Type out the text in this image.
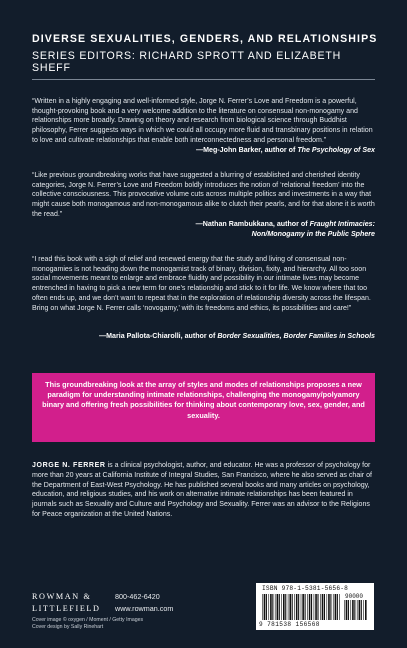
DIVERSE SEXUALITIES, GENDERS, AND RELATIONSHIPS

SERIES EDITORS: RICHARD SPROTT AND ELIZABETH SHEFF

“Written in a highly engaging and well-informed style, Jorge N. Ferrer’s Love and Freedom is a powerful, thought-provoking book and a very welcome addition to the literature on consensual non-monogamy and relationships more broadly. Drawing on theory and research from biological science through Buddhist philosophy, Ferrer suggests ways in which we could all occupy more fluid and transbinary positions in relation to love and cultivate relationships that enable both interconnectedness and personal freedom.”

—Meg-John Barker, author of The Psychology of Sex

“Like previous groundbreaking works that have suggested a blurring of established and cherished identity categories, Jorge N. Ferrer’s Love and Freedom boldly introduces the notion of ‘relational freedom’ into the collective consciousness. This provocative volume cuts across multiple politics and investments in a way that might cause both monogamous and non-monogamous alike to clutch their pearls, and for that alone it is worth the read.”

—Nathan Rambukkana, author of Fraught Intimacies: Non/Monogamy in the Public Sphere

“I read this book with a sigh of relief and renewed energy that the study and living of consensual non-monogamies is not heading down the monogamist track of binary, division, fixity, and hierarchy. All too soon social movements meant to enlarge and embrace fluidity and possibility in our intimate lives may become entrenched in having to pick a new term for one’s relationship and stick to it for life. We know where that too often ends up, and we don’t want to repeat that in the exploration of relationship diversity across the lifespan. Bring on what Jorge N. Ferrer calls ‘novogamy,’ with its freedoms and ethics, its possibilities and care!”

—Maria Pallota-Chiarolli, author of Border Sexualities, Border Families in Schools

This groundbreaking look at the array of styles and modes of relationships proposes a new paradigm for understanding intimate relationships, challenging the monogamy/polyamory binary and offering fresh possibilities for thinking about contemporary love, sex, gender, and sexuality.

JORGE N. FERRER is a clinical psychologist, author, and educator. He was a professor of psychology for more than 20 years at California Institute of Integral Studies, San Francisco, where he also served as chair of the Department of East-West Psychology. He has published several books and many articles on psychology, education, and religious studies, and his work on alternative intimate relationships has been featured in journals such as Sexuality and Culture and Psychology and Sexuality. Ferrer was an advisor to the Religions for Peace organization at the United Nations.

ROWMAN &
LITTLEFIELD
800-462-6420
www.rowman.com
Cover image © oxygen / Moment / Getty Images
Cover design by Sally Rinehart
ISBN 978-1-5381-5656-8
90000
9 781538 156568
